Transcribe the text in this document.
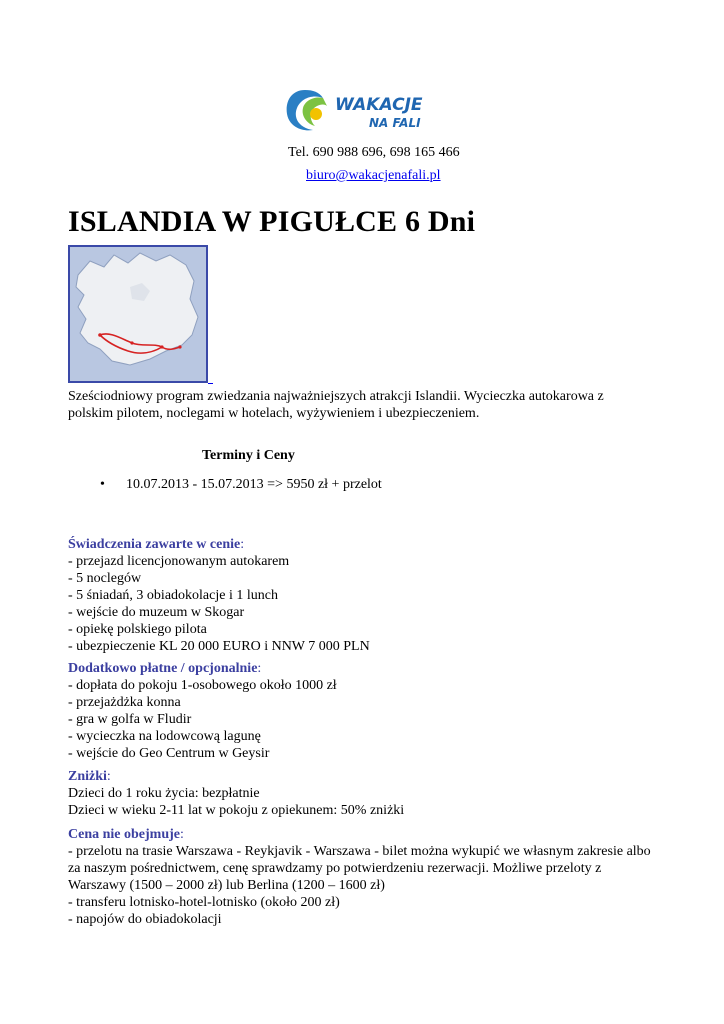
WAKACJE
NA FALI
Tel. 690 988 696, 698 165 466
biuro@wakacjenafali.pl
ISLANDIA W PIGUŁCE 6 Dni
Sześciodniowy program zwiedzania najważniejszych atrakcji Islandii. Wycieczka autokarowa z polskim pilotem, noclegami w hotelach, wyżywieniem i ubezpieczeniem.
Terminy i Ceny
• 10.07.2013 - 15.07.2013 => 5950 zł + przelot

Świadczenia zawarte w cenie:

- przejazd licencjonowanym autokarem

- 5 noclegów

- 5 śniadań, 3 obiadokolacje i 1 lunch

- wejście do muzeum w Skogar

- opiekę polskiego pilota

- ubezpieczenie KL 20 000 EURO i NNW 7 000 PLN

Dodatkowo płatne / opcjonalnie:

- dopłata do pokoju 1-osobowego około 1000 zł

- przejażdżka konna

- gra w golfa w Fludir

- wycieczka na lodowcową lagunę

- wejście do Geo Centrum w Geysir

Zniżki:

Dzieci do 1 roku życia: bezpłatnie

Dzieci w wieku 2-11 lat w pokoju z opiekunem: 50% zniżki

Cena nie obejmuje:

- przelotu na trasie Warszawa - Reykjavik - Warszawa - bilet można wykupić we własnym zakresie albo za naszym pośrednictwem, cenę sprawdzamy po potwierdzeniu rezerwacji. Możliwe przeloty z Warszawy (1500 – 2000 zł) lub Berlina (1200 – 1600 zł)

- transferu lotnisko-hotel-lotnisko (około 200 zł)

- napojów do obiadokolacji
